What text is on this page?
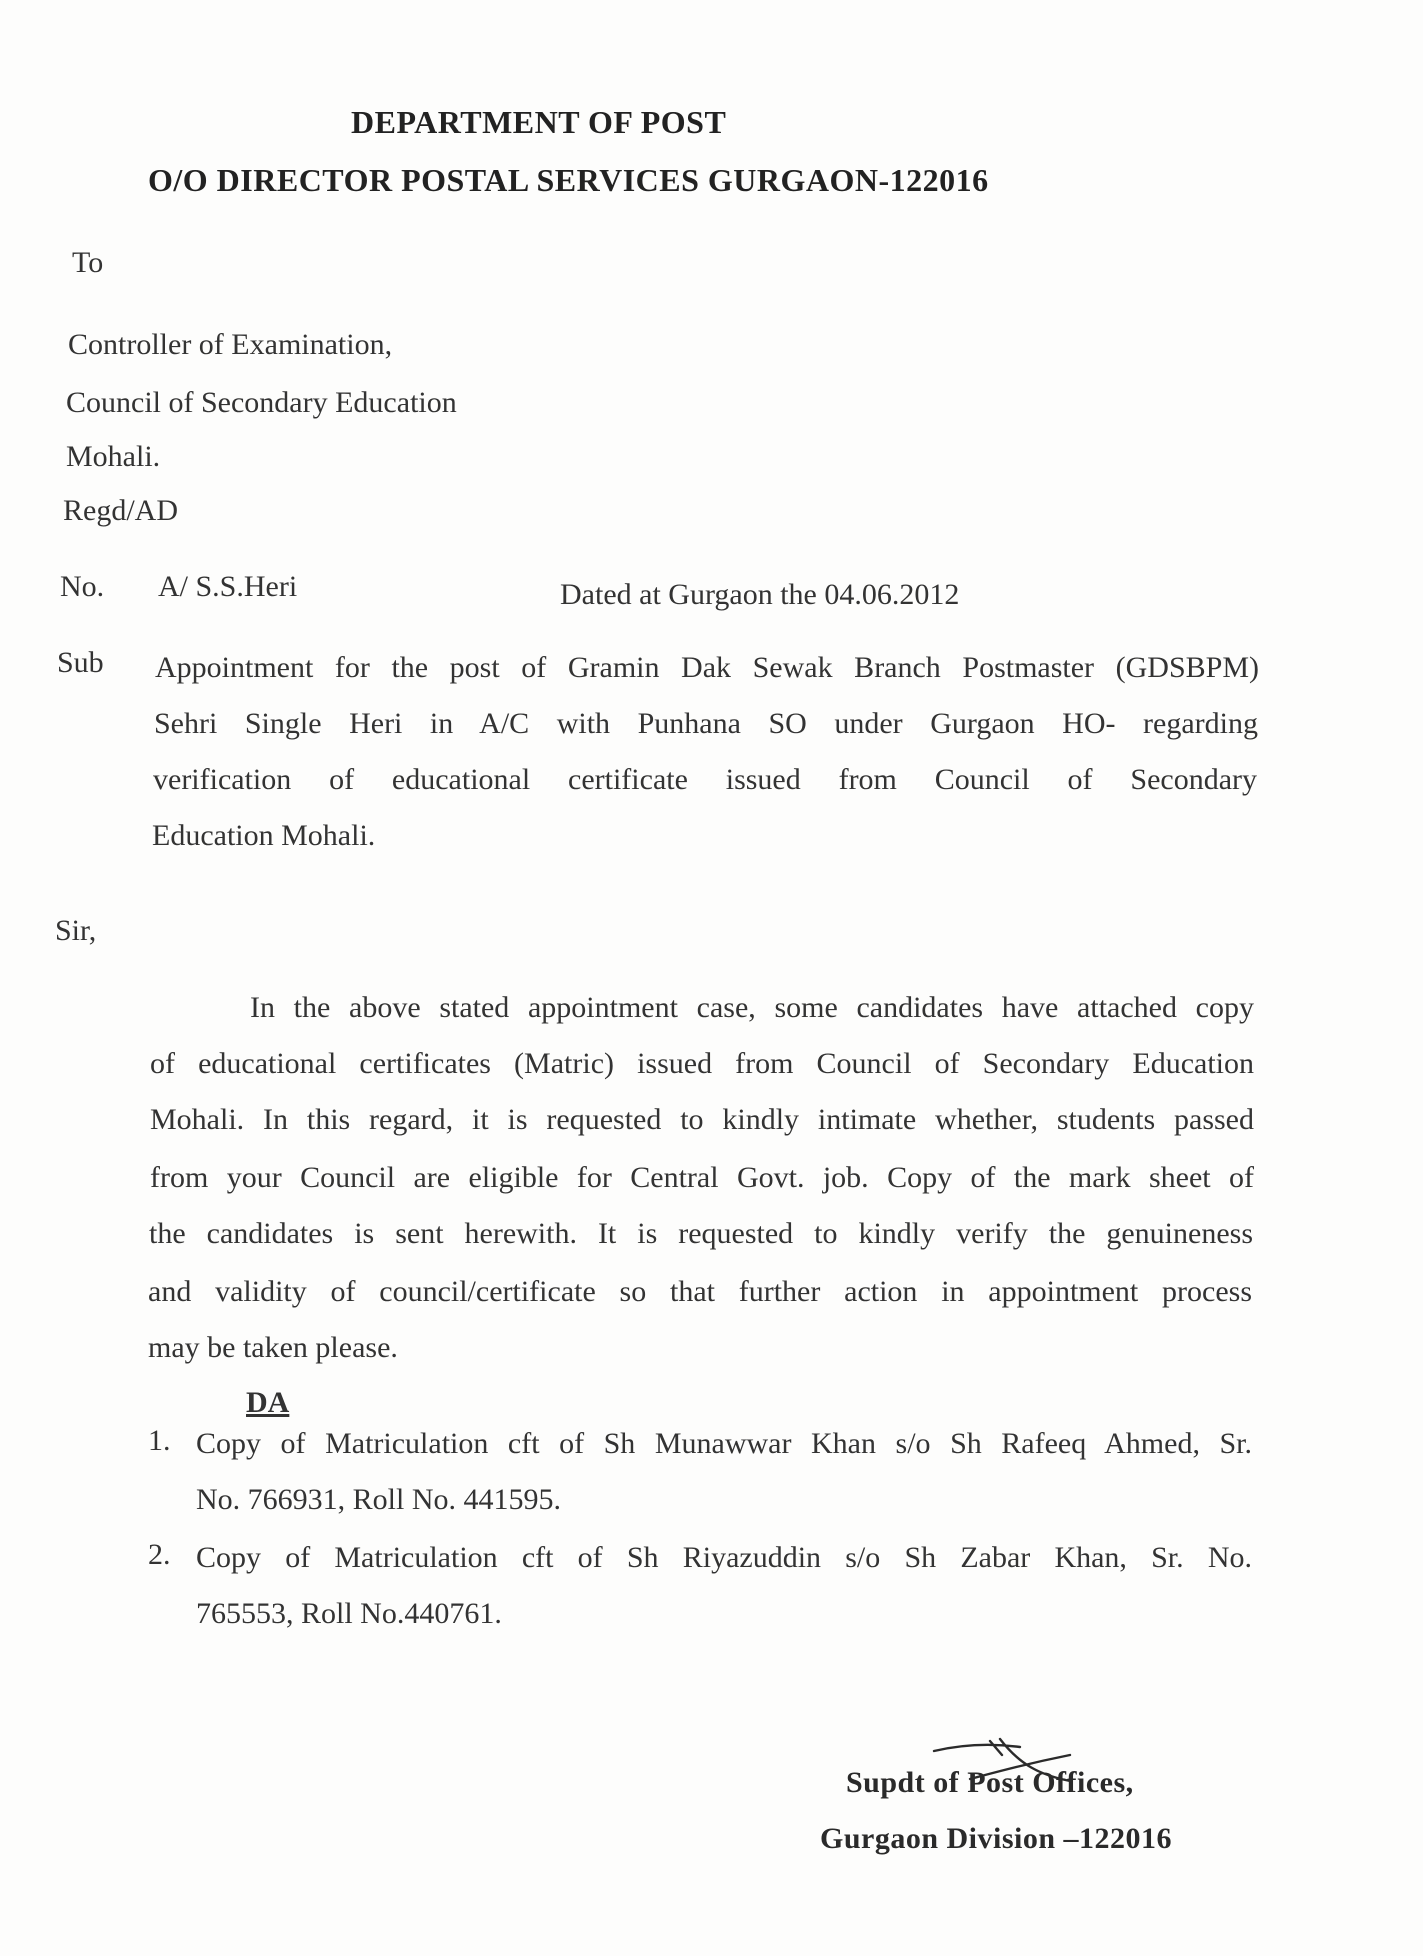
DEPARTMENT OF POST
O/O DIRECTOR POSTAL SERVICES GURGAON-122016
To
Controller of Examination,
Council of Secondary Education
Mohali.
Regd/AD
No. A/ S.S.Heri	Dated at Gurgaon the 04.06.2012
Sub Appointment for the post of Gramin Dak Sewak Branch Postmaster (GDSBPM)
Sehri Single Heri in A/C with Punhana SO under Gurgaon HO- regarding
verification of educational certificate issued from Council of Secondary
Education Mohali.
Sir,
In the above stated appointment case, some candidates have attached copy
of educational certificates (Matric) issued from Council of Secondary Education
Mohali. In this regard, it is requested to kindly intimate whether, students passed
from your Council are eligible for Central Govt. job. Copy of the mark sheet of
the candidates is sent herewith. It is requested to kindly verify the genuineness
and validity of council/certificate so that further action in appointment process
may be taken please.
DA
1. Copy of Matriculation cft of Sh Munawwar Khan s/o Sh Rafeeq Ahmed, Sr.
No. 766931, Roll No. 441595.
2. Copy of Matriculation cft of Sh Riyazuddin s/o Sh Zabar Khan, Sr. No.
765553, Roll No.440761.
Supdt of Post Offices,
Gurgaon Division –122016
